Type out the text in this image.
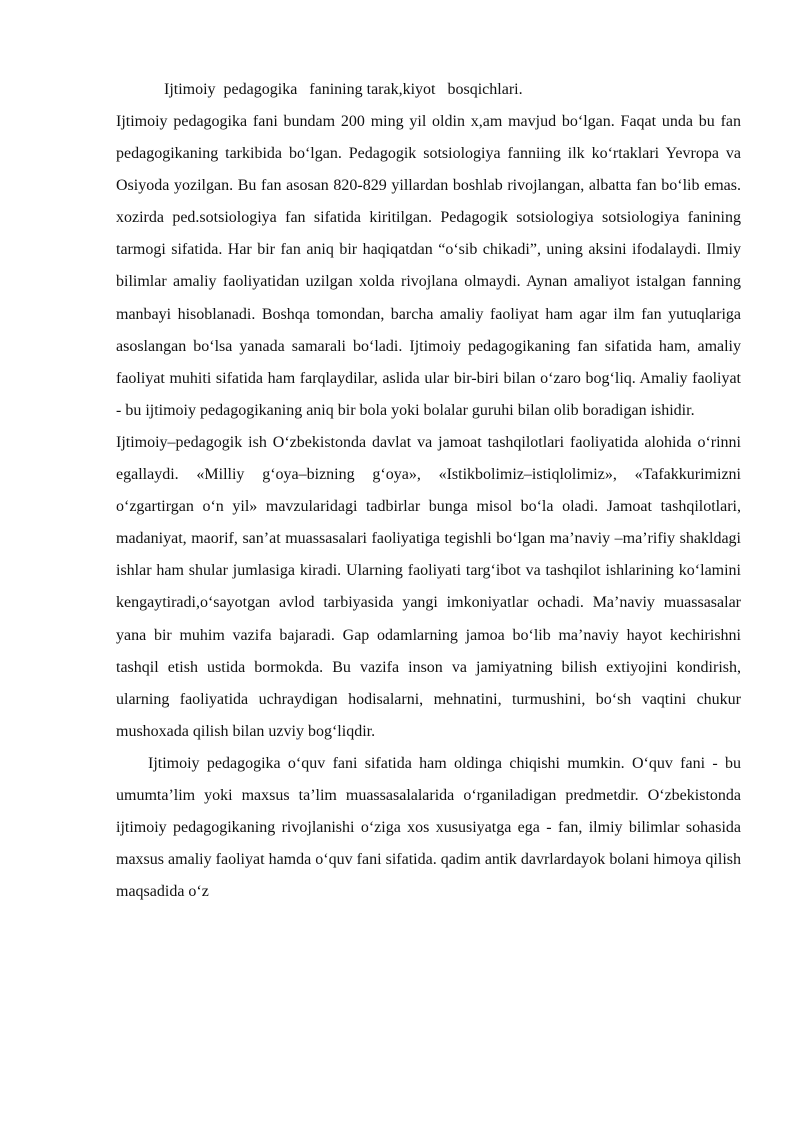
Ijtimoiy  pedagogika   fanining tarak,kiyot   bosqichlari.

Ijtimoiy pedagogika fani bundam 200 ming yil oldin x,am mavjud bo‘lgan. Faqat unda bu fan pedagogikaning tarkibida bo‘lgan. Pedagogik sotsiologiya fanniing ilk ko‘rtaklari Yevropa va Osiyoda yozilgan. Bu fan asosan 820-829 yillardan boshlab rivojlangan, albatta fan bo‘lib emas. xozirda ped.sotsiologiya fan sifatida kiritilgan. Pedagogik sotsiologiya sotsiologiya fanining tarmogi sifatida. Har bir fan aniq bir haqiqatdan “o‘sib chikadi”, uning aksini ifodalaydi. Ilmiy bilimlar amaliy faoliyatidan uzilgan xolda rivojlana olmaydi. Aynan amaliyot istalgan fanning manbayi hisoblanadi. Boshqa tomondan, barcha amaliy faoliyat ham agar ilm fan yutuqlariga asoslangan bo‘lsa yanada samarali bo‘ladi. Ijtimoiy pedagogikaning fan sifatida ham, amaliy faoliyat muhiti sifatida ham farqlaydilar, aslida ular bir-biri bilan o‘zaro bog‘liq. Amaliy faoliyat - bu ijtimoiy pedagogikaning aniq bir bola yoki bolalar guruhi bilan olib boradigan ishidir.

Ijtimoiy–pedagogik ish O‘zbekistonda davlat va jamoat tashqilotlari faoliyatida alohida o‘rinni egallaydi. «Milliy g‘oya–bizning g‘oya», «Istikbolimiz–istiqlolimiz», «Tafakkurimizni o‘zgartirgan o‘n yil» mavzularidagi tadbirlar bunga misol bo‘la oladi. Jamoat tashqilotlari, madaniyat, maorif, san’at muassasalari faoliyatiga tegishli bo‘lgan ma’naviy –ma’rifiy shakldagi ishlar ham shular jumlasiga kiradi. Ularning faoliyati targ‘ibot va tashqilot ishlarining ko‘lamini kengaytiradi,o‘sayotgan avlod tarbiyasida yangi imkoniyatlar ochadi. Ma’naviy muassasalar yana bir muhim vazifa bajaradi. Gap odamlarning jamoa bo‘lib ma’naviy hayot kechirishni tashqil etish ustida bormokda. Bu vazifa inson va jamiyatning bilish extiyojini kondirish, ularning faoliyatida uchraydigan hodisalarni, mehnatini, turmushini, bo‘sh vaqtini chukur mushoxada qilish bilan uzviy bog‘liqdir.

Ijtimoiy pedagogika o‘quv fani sifatida ham oldinga chiqishi mumkin. O‘quv fani - bu umumta’lim yoki maxsus ta’lim muassasalalarida o‘rganiladigan predmetdir. O‘zbekistonda ijtimoiy pedagogikaning rivojlanishi o‘ziga xos xususiyatga ega - fan, ilmiy bilimlar sohasida maxsus amaliy faoliyat hamda o‘quv fani sifatida. qadim antik davrlardayok bolani himoya qilish maqsadida o‘z
